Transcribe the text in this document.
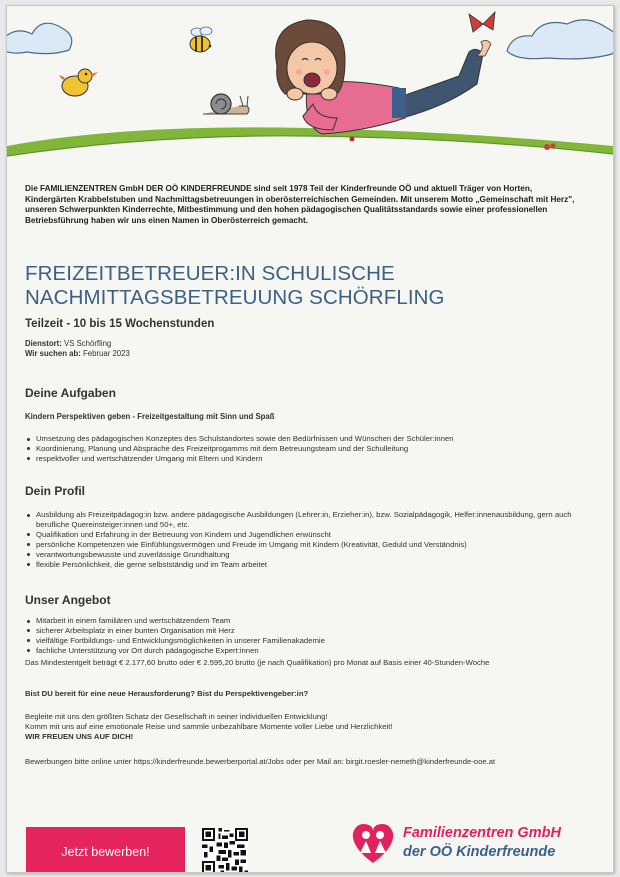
Die FAMILIENZENTREN GmbH DER OÖ KINDERFREUNDE sind seit 1978 Teil der Kinderfreunde OÖ und aktuell Träger von Horten, Kindergärten Krabbelstuben und Nachmittagsbetreuungen in oberösterreichischen Gemeinden. Mit unserem Motto „Gemeinschaft mit Herz", unseren Schwerpunkten Kinderrechte, Mitbestimmung und den hohen pädagogischen Qualitätsstandards sowie einer professionellen Betriebsführung haben wir uns einen Namen in Oberösterreich gemacht.

FREIZEITBETREUER:IN SCHULISCHE NACHMITTAGSBETREUUNG SCHÖRFLING
Teilzeit - 10 bis 15 Wochenstunden
Dienstort: VS Schörfling
Wir suchen ab: Februar 2023
Deine Aufgaben

Kindern Perspektiven geben - Freizeitgestaltung mit Sinn und Spaß

Umsetzung des pädagogischen Konzeptes des Schulstandortes sowie den Bedürfnissen und Wünschen der Schüler:innen
Koordinierung, Planung und Absprache des Freizeitprogamms mit dem Betreuungsteam und der Schulleitung
respektvoller und wertschätzender Umgang mit Eltern und Kindern
Dein Profil
Ausbildung als Freizeitpädagog:in bzw. andere pädagogische Ausbildungen (Lehrer:in, Erzieher:in), bzw. Sozialpädagogik, Helfer:innenausbildung, gern auch berufliche Quereinsteiger:innen und 50+, etc.
Qualifikation und Erfahrung in der Betreuung von Kindern und Jugendlichen erwünscht
persönliche Kompetenzen wie Einfühlungsvermögen und Freude im Umgang mit Kindern (Kreativität, Geduld und Verständnis)
verantwortungsbewusste und zuverlässige Grundhaltung
flexible Persönlichkeit, die gerne selbstständig und im Team arbeitet
Unser Angebot
Mitarbeit in einem familiären und wertschätzendem Team
sicherer Arbeitsplatz in einer bunten Organisation mit Herz
vielfältige Fortbildungs- und Entwicklungsmöglichkeiten in unserer Familienakademie
fachliche Unterstützung vor Ort durch pädagogische Expert:innen

Das Mindestentgelt beträgt € 2.177,60 brutto oder € 2.595,20 brutto (je nach Qualifikation) pro Monat auf Basis einer 40-Stunden-Woche

Bist DU bereit für eine neue Herausforderung? Bist du Perspektivengeber:in?

Begleite mit uns den größten Schatz der Gesellschaft in seiner individuellen Entwicklung!

Komm mit uns auf eine emotionale Reise und sammle unbezahlbare Momente voller Liebe und Herzlichkeit!

WIR FREUEN UNS AUF DICH!

Bewerbungen bitte online unter https://kinderfreunde.bewerberportal.at/Jobs oder per Mail an: birgit.roesler-nemeth@kinderfreunde-ooe.at

Jetzt bewerben!
Familienzentren GmbH
der OÖ Kinderfreunde
